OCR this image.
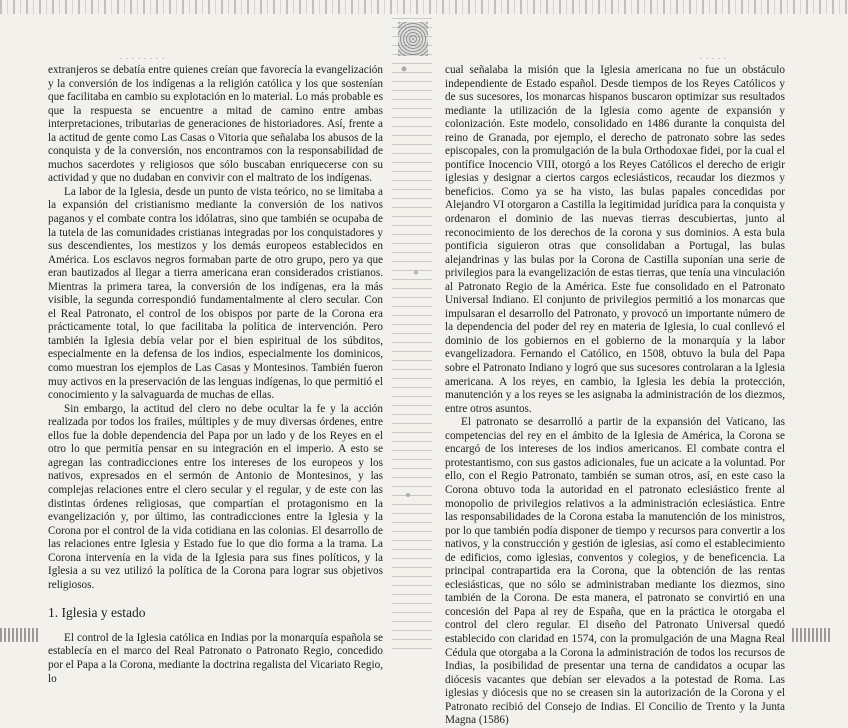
. . . . . . . .	. . . . .

extranjeros se debatía entre quienes creían que favorecía la evangelización y la conversión de los indígenas a la religión católica y los que sostenían que facilitaba en cambio su explotación en lo material. Lo más probable es que la respuesta se encuentre a mitad de camino entre ambas interpretaciones, tributarias de generaciones de historiadores. Así, frente a la actitud de gente como Las Casas o Vitoria que señalaba los abusos de la conquista y de la conversión, nos encontramos con la responsabilidad de muchos sacerdotes y religiosos que sólo buscaban enriquecerse con su actividad y que no dudaban en convivir con el maltrato de los indígenas.

La labor de la Iglesia, desde un punto de vista teórico, no se limitaba a la expansión del cristianismo mediante la conversión de los nativos paganos y el combate contra los idólatras, sino que también se ocupaba de la tutela de las comunidades cristianas integradas por los conquistadores y sus descendientes, los mestizos y los demás europeos establecidos en América. Los esclavos negros formaban parte de otro grupo, pero ya que eran bautizados al llegar a tierra americana eran considerados cristianos. Mientras la primera tarea, la conversión de los indígenas, era la más visible, la segunda correspondió fundamentalmente al clero secular. Con el Real Patronato, el control de los obispos por parte de la Corona era prácticamente total, lo que facilitaba la política de intervención. Pero también la Iglesia debía velar por el bien espiritual de los súbditos, especialmente en la defensa de los indios, especialmente los dominicos, como muestran los ejemplos de Las Casas y Montesinos. También fueron muy activos en la preservación de las lenguas indígenas, lo que permitió el conocimiento y la salvaguarda de muchas de ellas.

Sin embargo, la actitud del clero no debe ocultar la fe y la acción realizada por todos los frailes, múltiples y de muy diversas órdenes, entre ellos fue la doble dependencia del Papa por un lado y de los Reyes en el otro lo que permitía pensar en su integración en el imperio. A esto se agregan las contradicciones entre los intereses de los europeos y los nativos, expresados en el sermón de Antonio de Montesinos, y las complejas relaciones entre el clero secular y el regular, y de este con las distintas órdenes religiosas, que compartían el protagonismo en la evangelización y, por último, las contradicciones entre la Iglesia y la Corona por el control de la vida cotidiana en las colonias. El desarrollo de las relaciones entre Iglesia y Estado fue lo que dio forma a la trama. La Corona intervenía en la vida de la Iglesia para sus fines políticos, y la Iglesia a su vez utilizó la política de la Corona para lograr sus objetivos religiosos.

1. Iglesia y estado

El control de la Iglesia católica en Indias por la monarquía española se establecía en el marco del Real Patronato o Patronato Regio, concedido por el Papa a la Corona, mediante la doctrina regalista del Vicariato Regio, lo

cual señalaba la misión que la Iglesia americana no fue un obstáculo independiente de Estado español. Desde tiempos de los Reyes Católicos y de sus sucesores, los monarcas hispanos buscaron optimizar sus resultados mediante la utilización de la Iglesia como agente de expansión y colonización. Este modelo, consolidado en 1486 durante la conquista del reino de Granada, por ejemplo, el derecho de patronato sobre las sedes episcopales, con la promulgación de la bula Orthodoxae fidei, por la cual el pontífice Inocencio VIII, otorgó a los Reyes Católicos el derecho de erigir iglesias y designar a ciertos cargos eclesiásticos, recaudar los diezmos y beneficios. Como ya se ha visto, las bulas papales concedidas por Alejandro VI otorgaron a Castilla la legitimidad jurídica para la conquista y ordenaron el dominio de las nuevas tierras descubiertas, junto al reconocimiento de los derechos de la corona y sus dominios. A esta bula pontificia siguieron otras que consolidaban a Portugal, las bulas alejandrinas y las bulas por la Corona de Castilla suponían una serie de privilegios para la evangelización de estas tierras, que tenía una vinculación al Patronato Regio de la América. Este fue consolidado en el Patronato Universal Indiano. El conjunto de privilegios permitió a los monarcas que impulsaran el desarrollo del Patronato, y provocó un importante número de la dependencia del poder del rey en materia de Iglesia, lo cual conllevó el dominio de los gobiernos en el gobierno de la monarquía y la labor evangelizadora. Fernando el Católico, en 1508, obtuvo la bula del Papa sobre el Patronato Indiano y logró que sus sucesores controlaran a la Iglesia americana. A los reyes, en cambio, la Iglesia les debía la protección, manutención y a los reyes se les asignaba la administración de los diezmos, entre otros asuntos.

El patronato se desarrolló a partir de la expansión del Vaticano, las competencias del rey en el ámbito de la Iglesia de América, la Corona se encargó de los intereses de los indios americanos. El combate contra el protestantismo, con sus gastos adicionales, fue un acicate a la voluntad. Por ello, con el Regio Patronato, también se suman otros, así, en este caso la Corona obtuvo toda la autoridad en el patronato eclesiástico frente al monopolio de privilegios relativos a la administración eclesiástica. Entre las responsabilidades de la Corona estaba la manutención de los ministros, por lo que también podía disponer de tiempo y recursos para convertir a los nativos, y la construcción y gestión de iglesias, así como el establecimiento de edificios, como iglesias, conventos y colegios, y de beneficencia. La principal contrapartida era la Corona, que la obtención de las rentas eclesiásticas, que no sólo se administraban mediante los diezmos, sino también de la Corona. De esta manera, el patronato se convirtió en una concesión del Papa al rey de España, que en la práctica le otorgaba el control del clero regular. El diseño del Patronato Universal quedó establecido con claridad en 1574, con la promulgación de una Magna Real Cédula que otorgaba a la Corona la administración de todos los recursos de Indias, la posibilidad de presentar una terna de candidatos a ocupar las diócesis vacantes que debían ser elevados a la potestad de Roma. Las iglesias y diócesis que no se creasen sin la autorización de la Corona y el Patronato recibió del Consejo de Indias. El Concilio de Trento y la Junta Magna (1586)
